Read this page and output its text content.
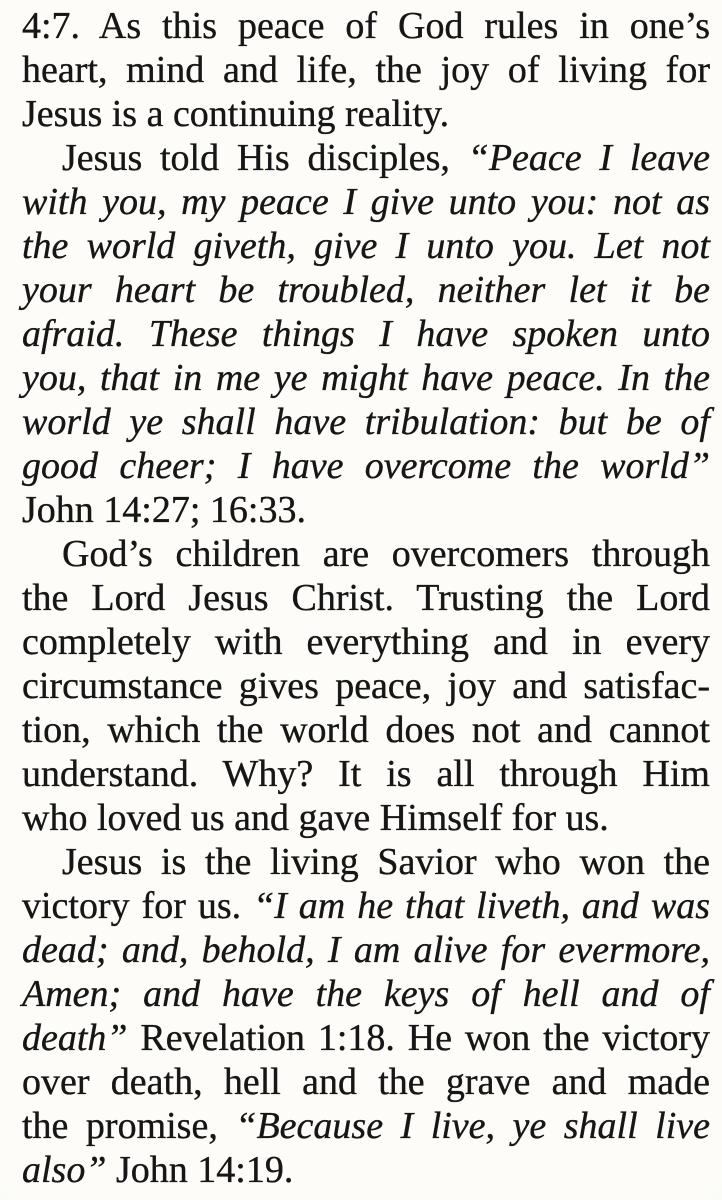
4:7. As this peace of God rules in one’s
heart, mind and life, the joy of living for
Jesus is a continuing reality.

Jesus told His disciples, “Peace I leave
with you, my peace I give unto you: not as
the world giveth, give I unto you. Let not
your heart be troubled, neither let it be
afraid. These things I have spoken unto
you, that in me ye might have peace. In the
world ye shall have tribulation: but be of
good cheer; I have overcome the world”
John 14:27; 16:33.

God’s children are overcomers through
the Lord Jesus Christ. Trusting the Lord
completely with everything and in every
circumstance gives peace, joy and satisfac-
tion, which the world does not and cannot
understand. Why? It is all through Him
who loved us and gave Himself for us.

Jesus is the living Savior who won the
victory for us. “I am he that liveth, and was
dead; and, behold, I am alive for evermore,
Amen; and have the keys of hell and of
death” Revelation 1:18. He won the victory
over death, hell and the grave and made
the promise, “Because I live, ye shall live
also” John 14:19.
